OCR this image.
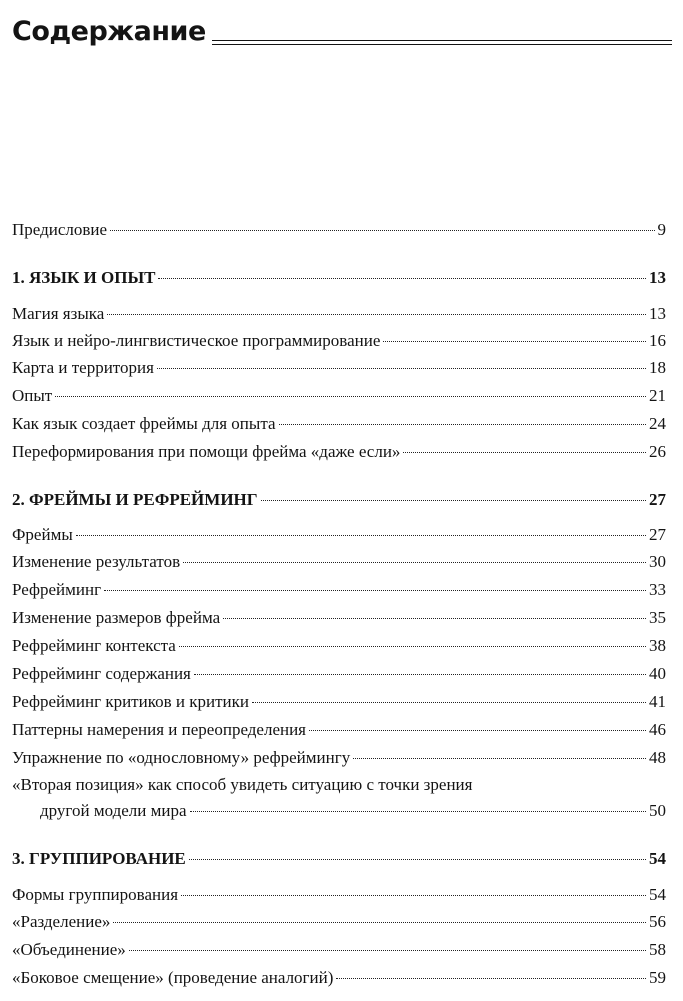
Содержание
Предисловие	9
1. ЯЗЫК И ОПЫТ	13
Магия языка	13
Язык и нейро-лингвистическое программирование	16
Карта и территория	18
Опыт	21
Как язык создает фреймы для опыта	24
Переформирования при помощи фрейма «даже если»	26
2. ФРЕЙМЫ И РЕФРЕЙМИНГ	27
Фреймы	27
Изменение результатов	30
Рефрейминг	33
Изменение размеров фрейма	35
Рефрейминг контекста	38
Рефрейминг содержания	40
Рефрейминг критиков и критики	41
Паттерны намерения и переопределения	46
Упражнение по «однословному» рефреймингу	48
«Вторая позиция» как способ увидеть ситуацию с точки зрения
другой модели мира	50
3. ГРУППИРОВАНИЕ	54
Формы группирования	54
«Разделение»	56
«Объединение»	58
«Боковое смещение» (проведение аналогий)	59
